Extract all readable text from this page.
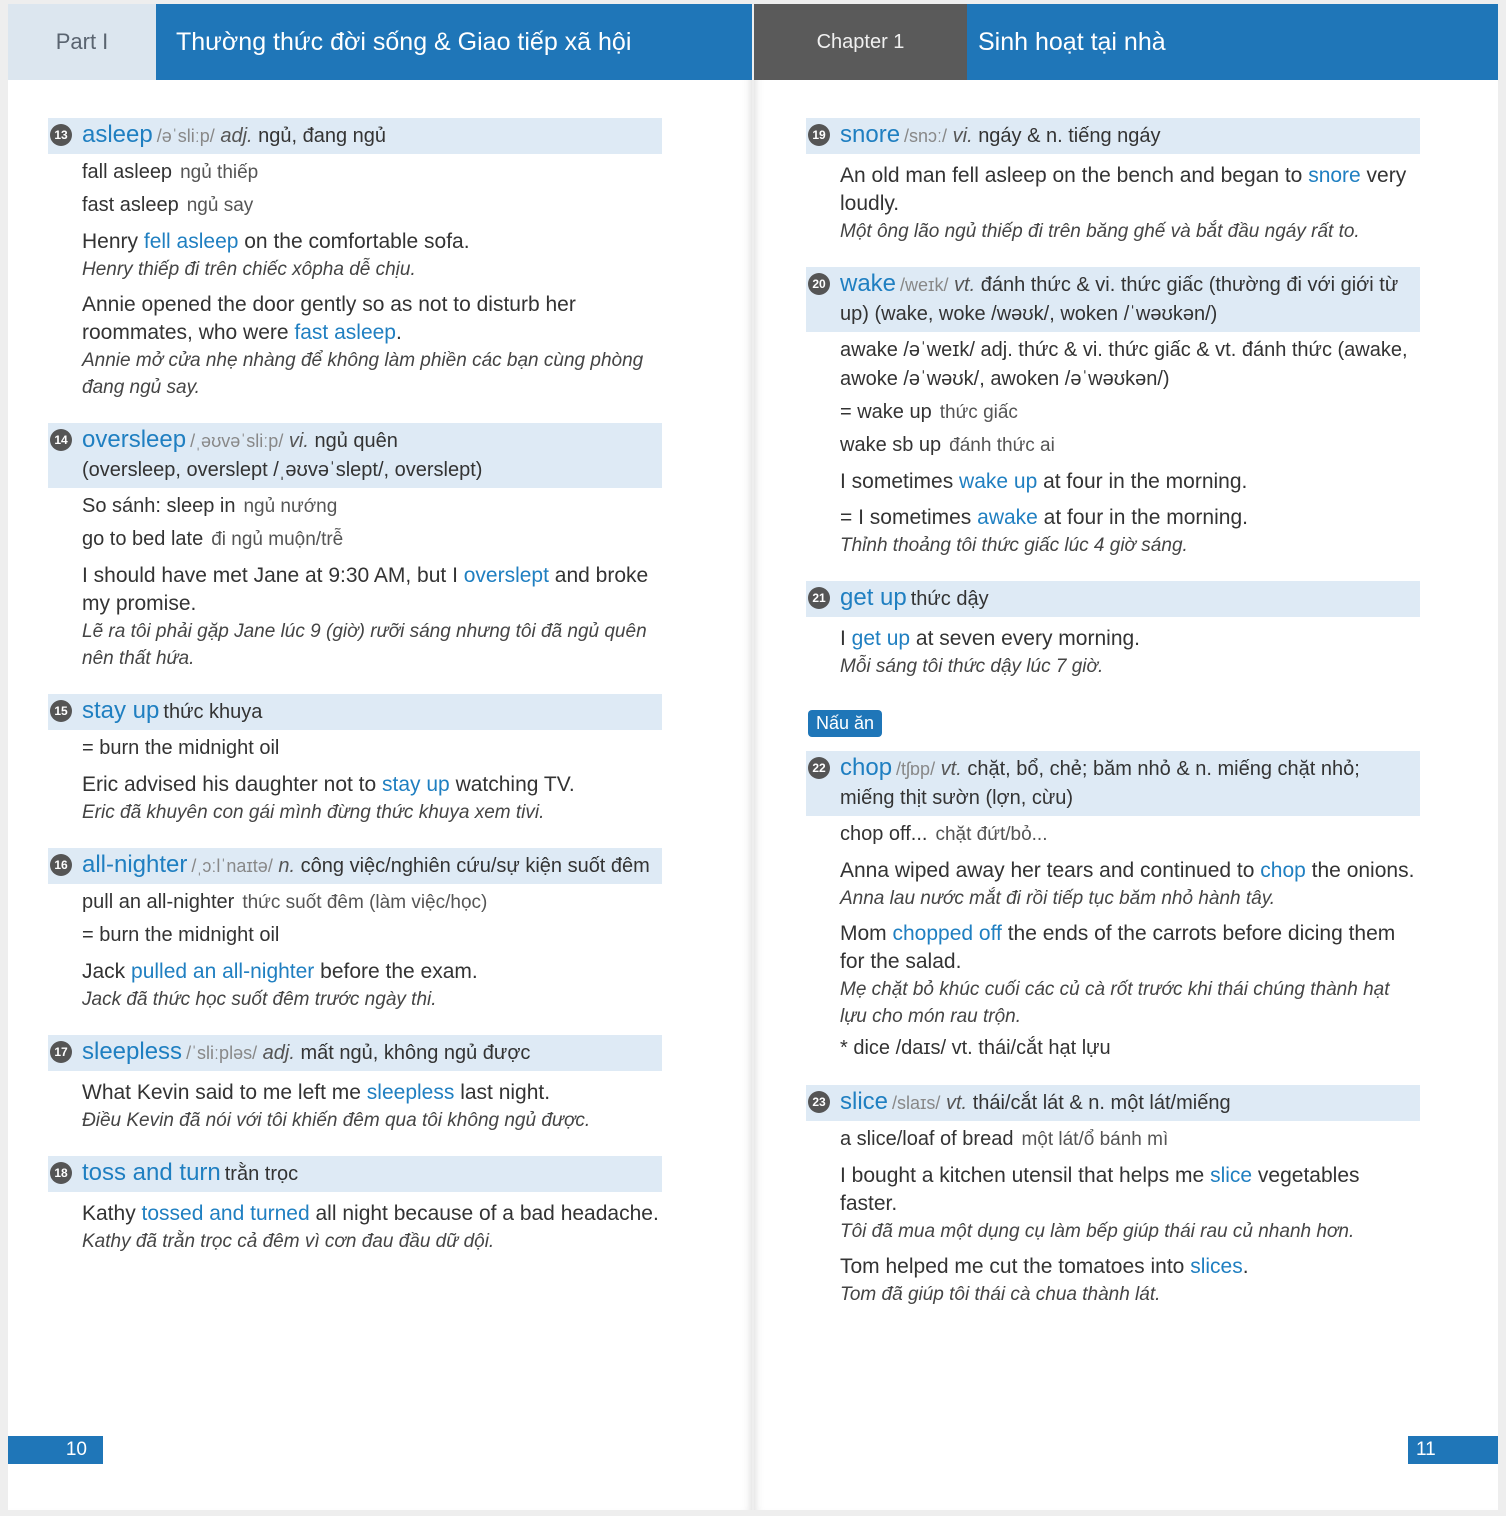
Part I	Thường thức đời sống & Giao tiếp xã hội
13 asleep /əˈsliːp/ adj. ngủ, đang ngủ
fall asleep ngủ thiếp
fast asleep ngủ say
Henry fell asleep on the comfortable sofa.
Henry thiếp đi trên chiếc xôpha dễ chịu.
Annie opened the door gently so as not to disturb her roommates, who were fast asleep.
Annie mở cửa nhẹ nhàng để không làm phiền các bạn cùng phòng đang ngủ say.
14 oversleep /ˌəʊvəˈsliːp/ vi. ngủ quên
(oversleep, overslept /ˌəʊvəˈslept/, overslept)
So sánh: sleep in ngủ nướng
go to bed late đi ngủ muộn/trễ
I should have met Jane at 9:30 AM, but I overslept and broke my promise.
Lẽ ra tôi phải gặp Jane lúc 9 (giờ) rưỡi sáng nhưng tôi đã ngủ quên nên thất hứa.
15 stay up thức khuya
= burn the midnight oil
Eric advised his daughter not to stay up watching TV.
Eric đã khuyên con gái mình đừng thức khuya xem tivi.
16 all-nighter /ˌɔːlˈnaɪtə/ n. công việc/nghiên cứu/sự kiện suốt đêm
pull an all-nighter thức suốt đêm (làm việc/học)
= burn the midnight oil
Jack pulled an all-nighter before the exam.
Jack đã thức học suốt đêm trước ngày thi.
17 sleepless /ˈsliːpləs/ adj. mất ngủ, không ngủ được
What Kevin said to me left me sleepless last night.
Điều Kevin đã nói với tôi khiến đêm qua tôi không ngủ được.
18 toss and turn trằn trọc
Kathy tossed and turned all night because of a bad headache.
Kathy đã trằn trọc cả đêm vì cơn đau đầu dữ dội.
10
Chapter 1	Sinh hoạt tại nhà
19 snore /snɔː/ vi. ngáy & n. tiếng ngáy
An old man fell asleep on the bench and began to snore very loudly.
Một ông lão ngủ thiếp đi trên băng ghế và bắt đầu ngáy rất to.
20 wake /weɪk/ vt. đánh thức & vi. thức giấc (thường đi với giới từ up) (wake, woke /wəʊk/, woken /ˈwəʊkən/)
awake /əˈweɪk/ adj. thức & vi. thức giấc & vt. đánh thức (awake, awoke /əˈwəʊk/, awoken /əˈwəʊkən/)
= wake up thức giấc
wake sb up đánh thức ai
I sometimes wake up at four in the morning.
= I sometimes awake at four in the morning.
Thỉnh thoảng tôi thức giấc lúc 4 giờ sáng.
21 get up thức dậy
I get up at seven every morning.
Mỗi sáng tôi thức dậy lúc 7 giờ.
Nấu ăn
22 chop /tʃɒp/ vt. chặt, bổ, chẻ; băm nhỏ & n. miếng chặt nhỏ; miếng thịt sườn (lợn, cừu)
chop off... chặt đứt/bỏ...
Anna wiped away her tears and continued to chop the onions.
Anna lau nước mắt đi rồi tiếp tục băm nhỏ hành tây.
Mom chopped off the ends of the carrots before dicing them for the salad.
Mẹ chặt bỏ khúc cuối các củ cà rốt trước khi thái chúng thành hạt lựu cho món rau trộn.
* dice /daɪs/ vt. thái/cắt hạt lựu
23 slice /slaɪs/ vt. thái/cắt lát & n. một lát/miếng
a slice/loaf of bread một lát/ổ bánh mì
I bought a kitchen utensil that helps me slice vegetables faster.
Tôi đã mua một dụng cụ làm bếp giúp thái rau củ nhanh hơn.
Tom helped me cut the tomatoes into slices.
Tom đã giúp tôi thái cà chua thành lát.
11
